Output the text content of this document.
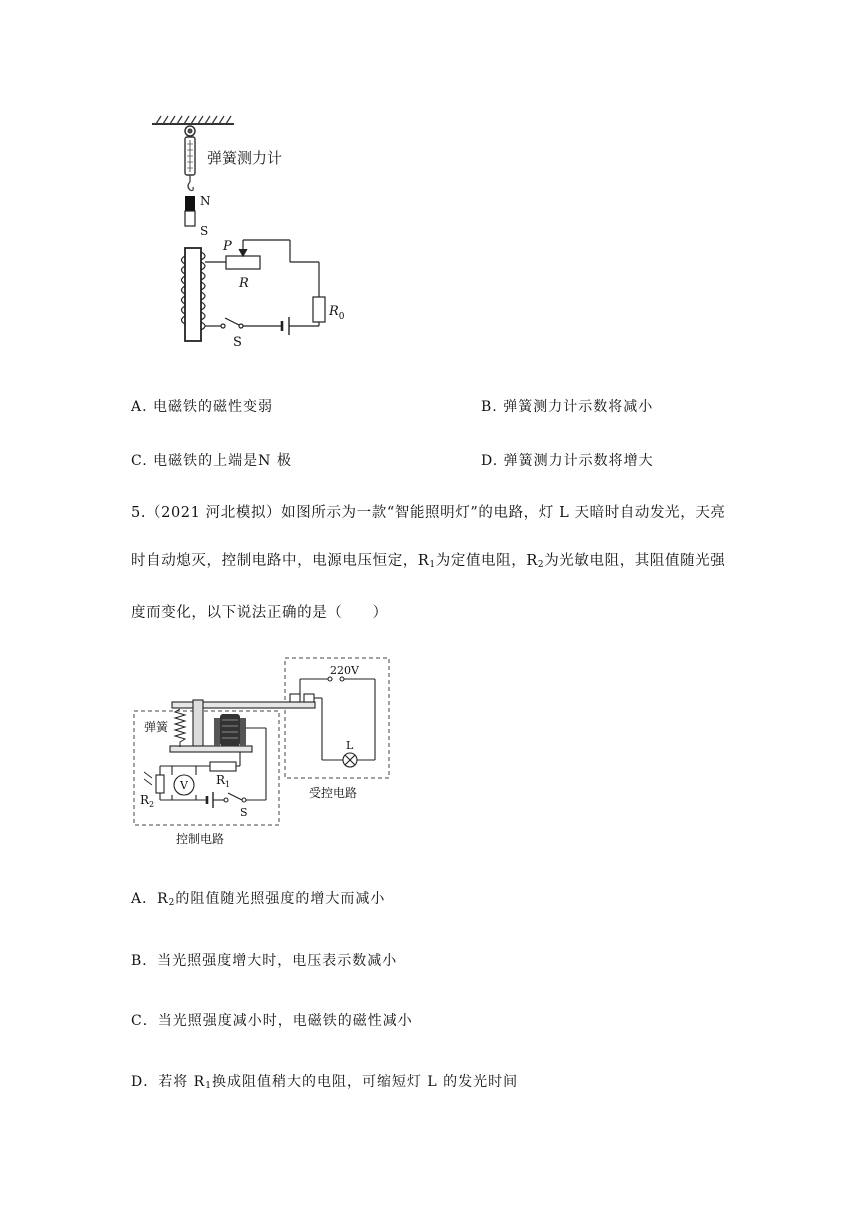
弹簧测力计
N
S
P
R
$R_0$
S
A. 电磁铁的磁性变弱	B. 弹簧测力计示数将减小
C. 电磁铁的上端是N 极	D. 弹簧测力计示数将增大

5.（2021 河北模拟）如图所示为一款“智能照明灯”的电路，灯 L 天暗时自动发光，天亮

时自动熄灭，控制电路中，电源电压恒定，$R_1$为定值电阻，$R_2$为光敏电阻，其阻值随光强

度而变化，以下说法正确的是（　　）

220V
L
弹簧
V $R_1$
$R_2$
S
受控电路
控制电路
A．$R_2$的阻值随光照强度的增大而减小
B．当光照强度增大时，电压表示数减小
C．当光照强度减小时，电磁铁的磁性减小
D．若将 $R_1$换成阻值稍大的电阻，可缩短灯 L 的发光时间
